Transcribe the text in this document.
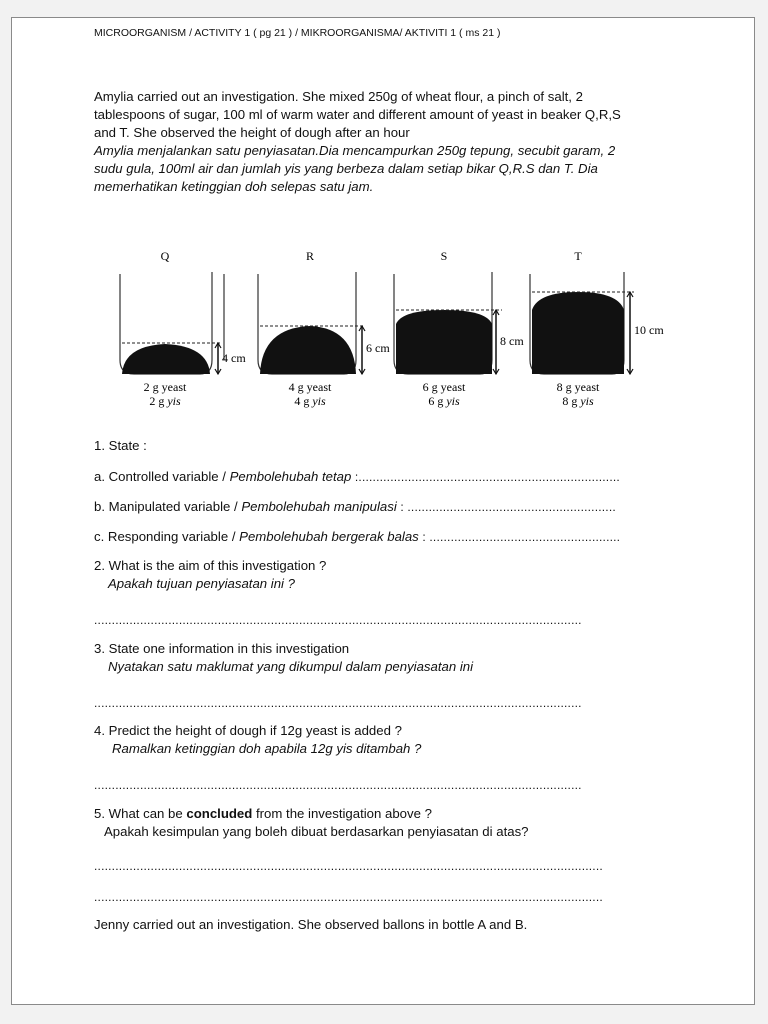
MICROORGANISM / ACTIVITY 1 ( pg 21 ) / MIKROORGANISMA/ AKTIVITI 1 ( ms 21 )
Amylia carried out an investigation. She mixed 250g of wheat flour, a pinch of salt, 2
tablespoons of sugar, 100 ml of warm water and different amount of yeast in beaker Q,R,S
and T. She observed the height of dough after an hour
Amylia menjalankan satu penyiasatan.Dia mencampurkan 250g tepung, secubit garam, 2
sudu gula, 100ml air dan jumlah yis yang berbeza dalam setiap bikar Q,R.S dan T. Dia
memerhatikan ketinggian doh selepas satu jam.
Q
4 cm
2 g yeast
2 g yis
R
6 cm
4 g yeast
4 g yis
S
8 cm
6 g yeast
6 g yis
T
10 cm
8 g yeast
8 g yis
1. State :
a. Controlled variable / Pembolehubah tetap :..........................................................................
b. Manipulated variable / Pembolehubah manipulasi : ...........................................................
c. Responding variable / Pembolehubah bergerak balas : ......................................................
2. What is the aim of this investigation ?
Apakah tujuan penyiasatan ini ?
..........................................................................................................................................
3. State one information in this investigation
Nyatakan satu maklumat yang dikumpul dalam penyiasatan ini
..........................................................................................................................................
4. Predict the height of dough if 12g yeast is added ?
Ramalkan ketinggian doh apabila 12g yis ditambah ?
..........................................................................................................................................
5. What can be concluded from the investigation above ?
Apakah kesimpulan yang boleh dibuat berdasarkan penyiasatan di atas?
................................................................................................................................................
................................................................................................................................................
Jenny carried out an investigation. She observed ballons in bottle A and B.
